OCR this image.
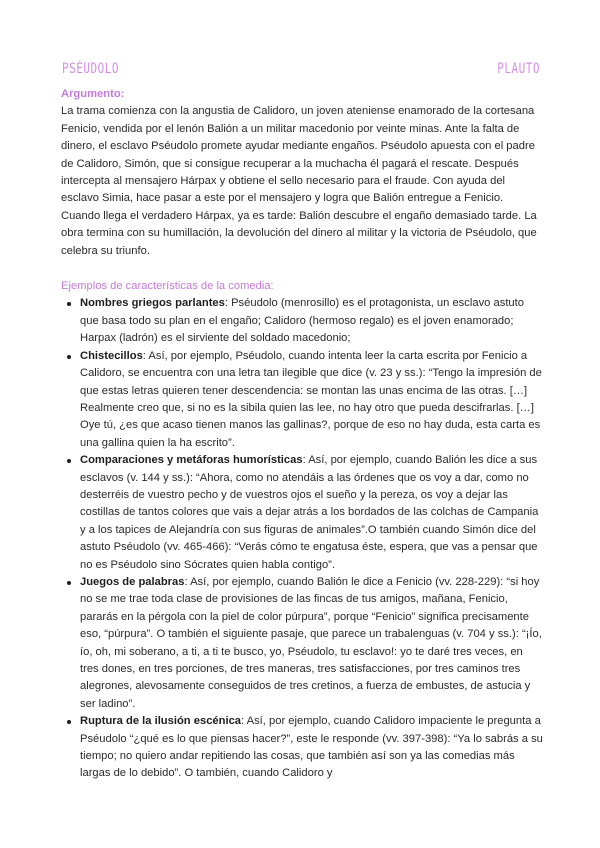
PSÉUDOLO	PLAUTO
Argumento:

La trama comienza con la angustia de Calidoro, un joven ateniense enamorado de la cortesana Fenicio, vendida por el lenón Balión a un militar macedonio por veinte minas. Ante la falta de dinero, el esclavo Pséudolo promete ayudar mediante engaños. Pséudolo apuesta con el padre de Calidoro, Simón, que si consigue recuperar a la muchacha él pagará el rescate. Después intercepta al mensajero Hárpax y obtiene el sello necesario para el fraude. Con ayuda del esclavo Simia, hace pasar a este por el mensajero y logra que Balión entregue a Fenicio. Cuando llega el verdadero Hárpax, ya es tarde: Balión descubre el engaño demasiado tarde. La obra termina con su humillación, la devolución del dinero al militar y la victoria de Pséudolo, que celebra su triunfo.

Ejemplos de características de la comedia:
Nombres griegos parlantes: Pséudolo (menrosillo) es el protagonista, un esclavo astuto que basa todo su plan en el engaño; Calidoro (hermoso regalo) es el joven enamorado; Harpax (ladrón) es el sirviente del soldado macedonio;
Chistecillos: Así, por ejemplo, Pséudolo, cuando intenta leer la carta escrita por Fenicio a Calidoro, se encuentra con una letra tan ilegible que dice (v. 23 y ss.): “Tengo la impresión de que estas letras quieren tener descendencia: se montan las unas encima de las otras. […] Realmente creo que, si no es la sibila quien las lee, no hay otro que pueda descifrarlas. […] Oye tú, ¿es que acaso tienen manos las gallinas?, porque de eso no hay duda, esta carta es una gallina quien la ha escrito”.
Comparaciones y metáforas humorísticas: Así, por ejemplo, cuando Balión les dice a sus esclavos (v. 144 y ss.): “Ahora, como no atendáis a las órdenes que os voy a dar, como no desterréis de vuestro pecho y de vuestros ojos el sueño y la pereza, os voy a dejar las costillas de tantos colores que vais a dejar atrás a los bordados de las colchas de Campania y a los tapices de Alejandría con sus figuras de animales”.O también cuando Simón dice del astuto Pséudolo (vv. 465-466): “Verás cómo te engatusa éste, espera, que vas a pensar que no es Pséudolo sino Sócrates quien habla contigo”.
Juegos de palabras: Así, por ejemplo, cuando Balión le dice a Fenicio (vv. 228-229): “si hoy no se me trae toda clase de provisiones de las fincas de tus amigos, mañana, Fenicio, pararás en la pérgola con la piel de color púrpura”, porque “Fenicio” significa precisamente eso, “púrpura”. O también el siguiente pasaje, que parece un trabalenguas (v. 704 y ss.): “¡Ío, ío, oh, mi soberano, a ti, a ti te busco, yo, Pséudolo, tu esclavo!: yo te daré tres veces, en tres dones, en tres porciones, de tres maneras, tres satisfacciones, por tres caminos tres alegrones, alevosamente conseguidos de tres cretinos, a fuerza de embustes, de astucia y ser ladino”.
Ruptura de la ilusión escénica: Así, por ejemplo, cuando Calidoro impaciente le pregunta a Pséudolo “¿qué es lo que piensas hacer?”, este le responde (vv. 397-398): “Ya lo sabrás a su tiempo; no quiero andar repitiendo las cosas, que también así son ya las comedias más largas de lo debido”. O también, cuando Calidoro y
